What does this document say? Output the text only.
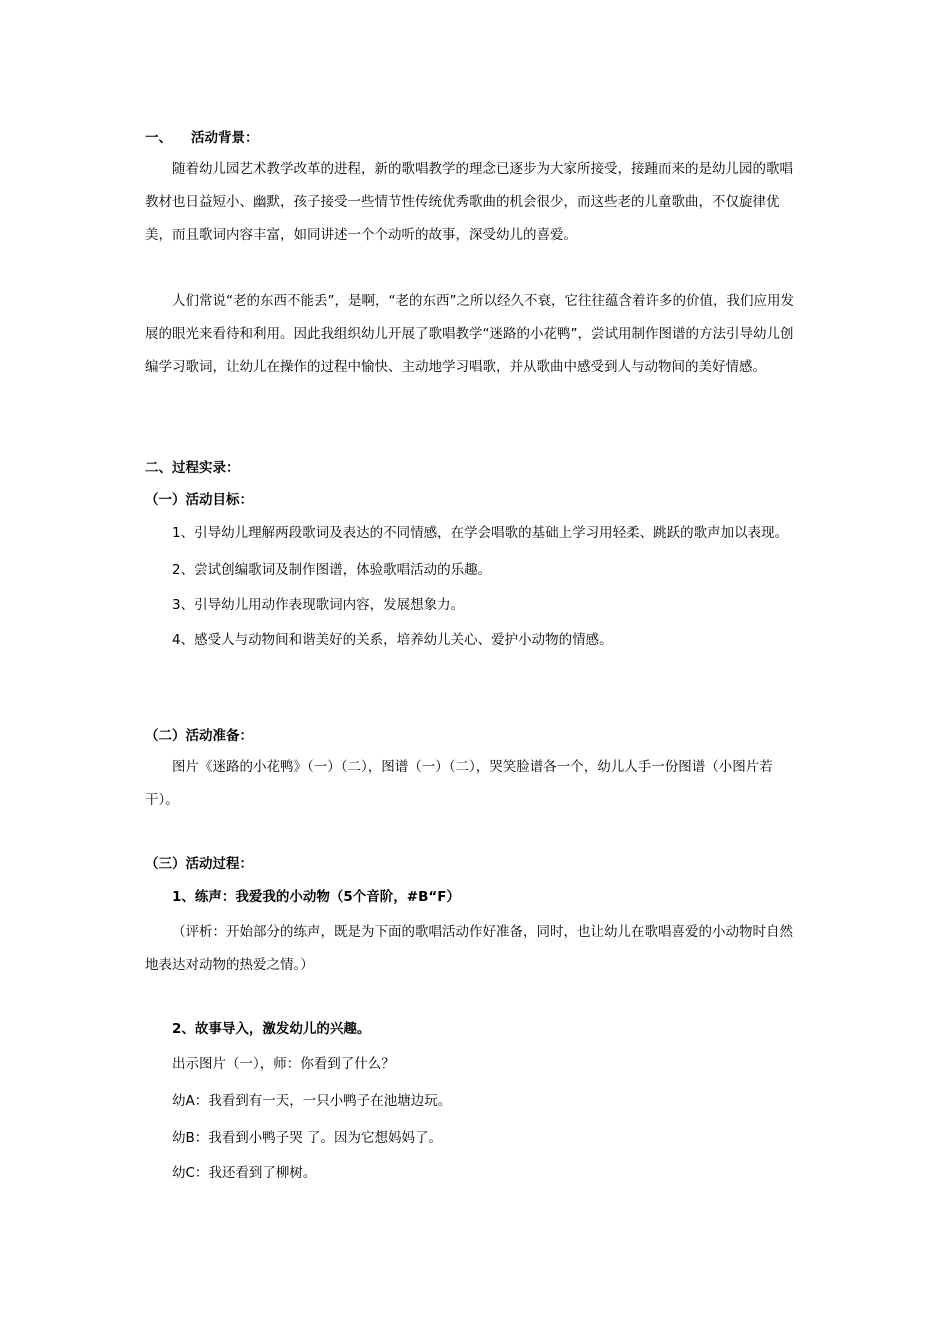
一、 活动背景：

随着幼儿园艺术教学改革的进程，新的歌唱教学的理念已逐步为大家所接受，接踵而来的是幼儿园的歌唱教材也日益短小、幽默，孩子接受一些情节性传统优秀歌曲的机会很少，而这些老的儿童歌曲，不仅旋律优美，而且歌词内容丰富，如同讲述一个个动听的故事，深受幼儿的喜爱。

人们常说“老的东西不能丢”，是啊，“老的东西”之所以经久不衰，它往往蕴含着许多的价值，我们应用发展的眼光来看待和利用。因此我组织幼儿开展了歌唱教学“迷路的小花鸭”，尝试用制作图谱的方法引导幼儿创编学习歌词，让幼儿在操作的过程中愉快、主动地学习唱歌，并从歌曲中感受到人与动物间的美好情感。

二、过程实录：

（一）活动目标：

1、引导幼儿理解两段歌词及表达的不同情感，在学会唱歌的基础上学习用轻柔、跳跃的歌声加以表现。

2、尝试创编歌词及制作图谱，体验歌唱活动的乐趣。

3、引导幼儿用动作表现歌词内容，发展想象力。

4、感受人与动物间和谐美好的关系，培养幼儿关心、爱护小动物的情感。

（二）活动准备：

图片《迷路的小花鸭》（一）（二），图谱（一）（二），哭笑脸谱各一个，幼儿人手一份图谱（小图片若干）。

（三）活动过程：

1、练声：我爱我的小动物（5个音阶，#B“F）

（评析：开始部分的练声，既是为下面的歌唱活动作好准备，同时，也让幼儿在歌唱喜爱的小动物时自然地表达对动物的热爱之情。）

2、故事导入，激发幼儿的兴趣。

出示图片（一），师：你看到了什么？

幼A：我看到有一天，一只小鸭子在池塘边玩。

幼B：我看到小鸭子哭 了。因为它想妈妈了。

幼C：我还看到了柳树。
